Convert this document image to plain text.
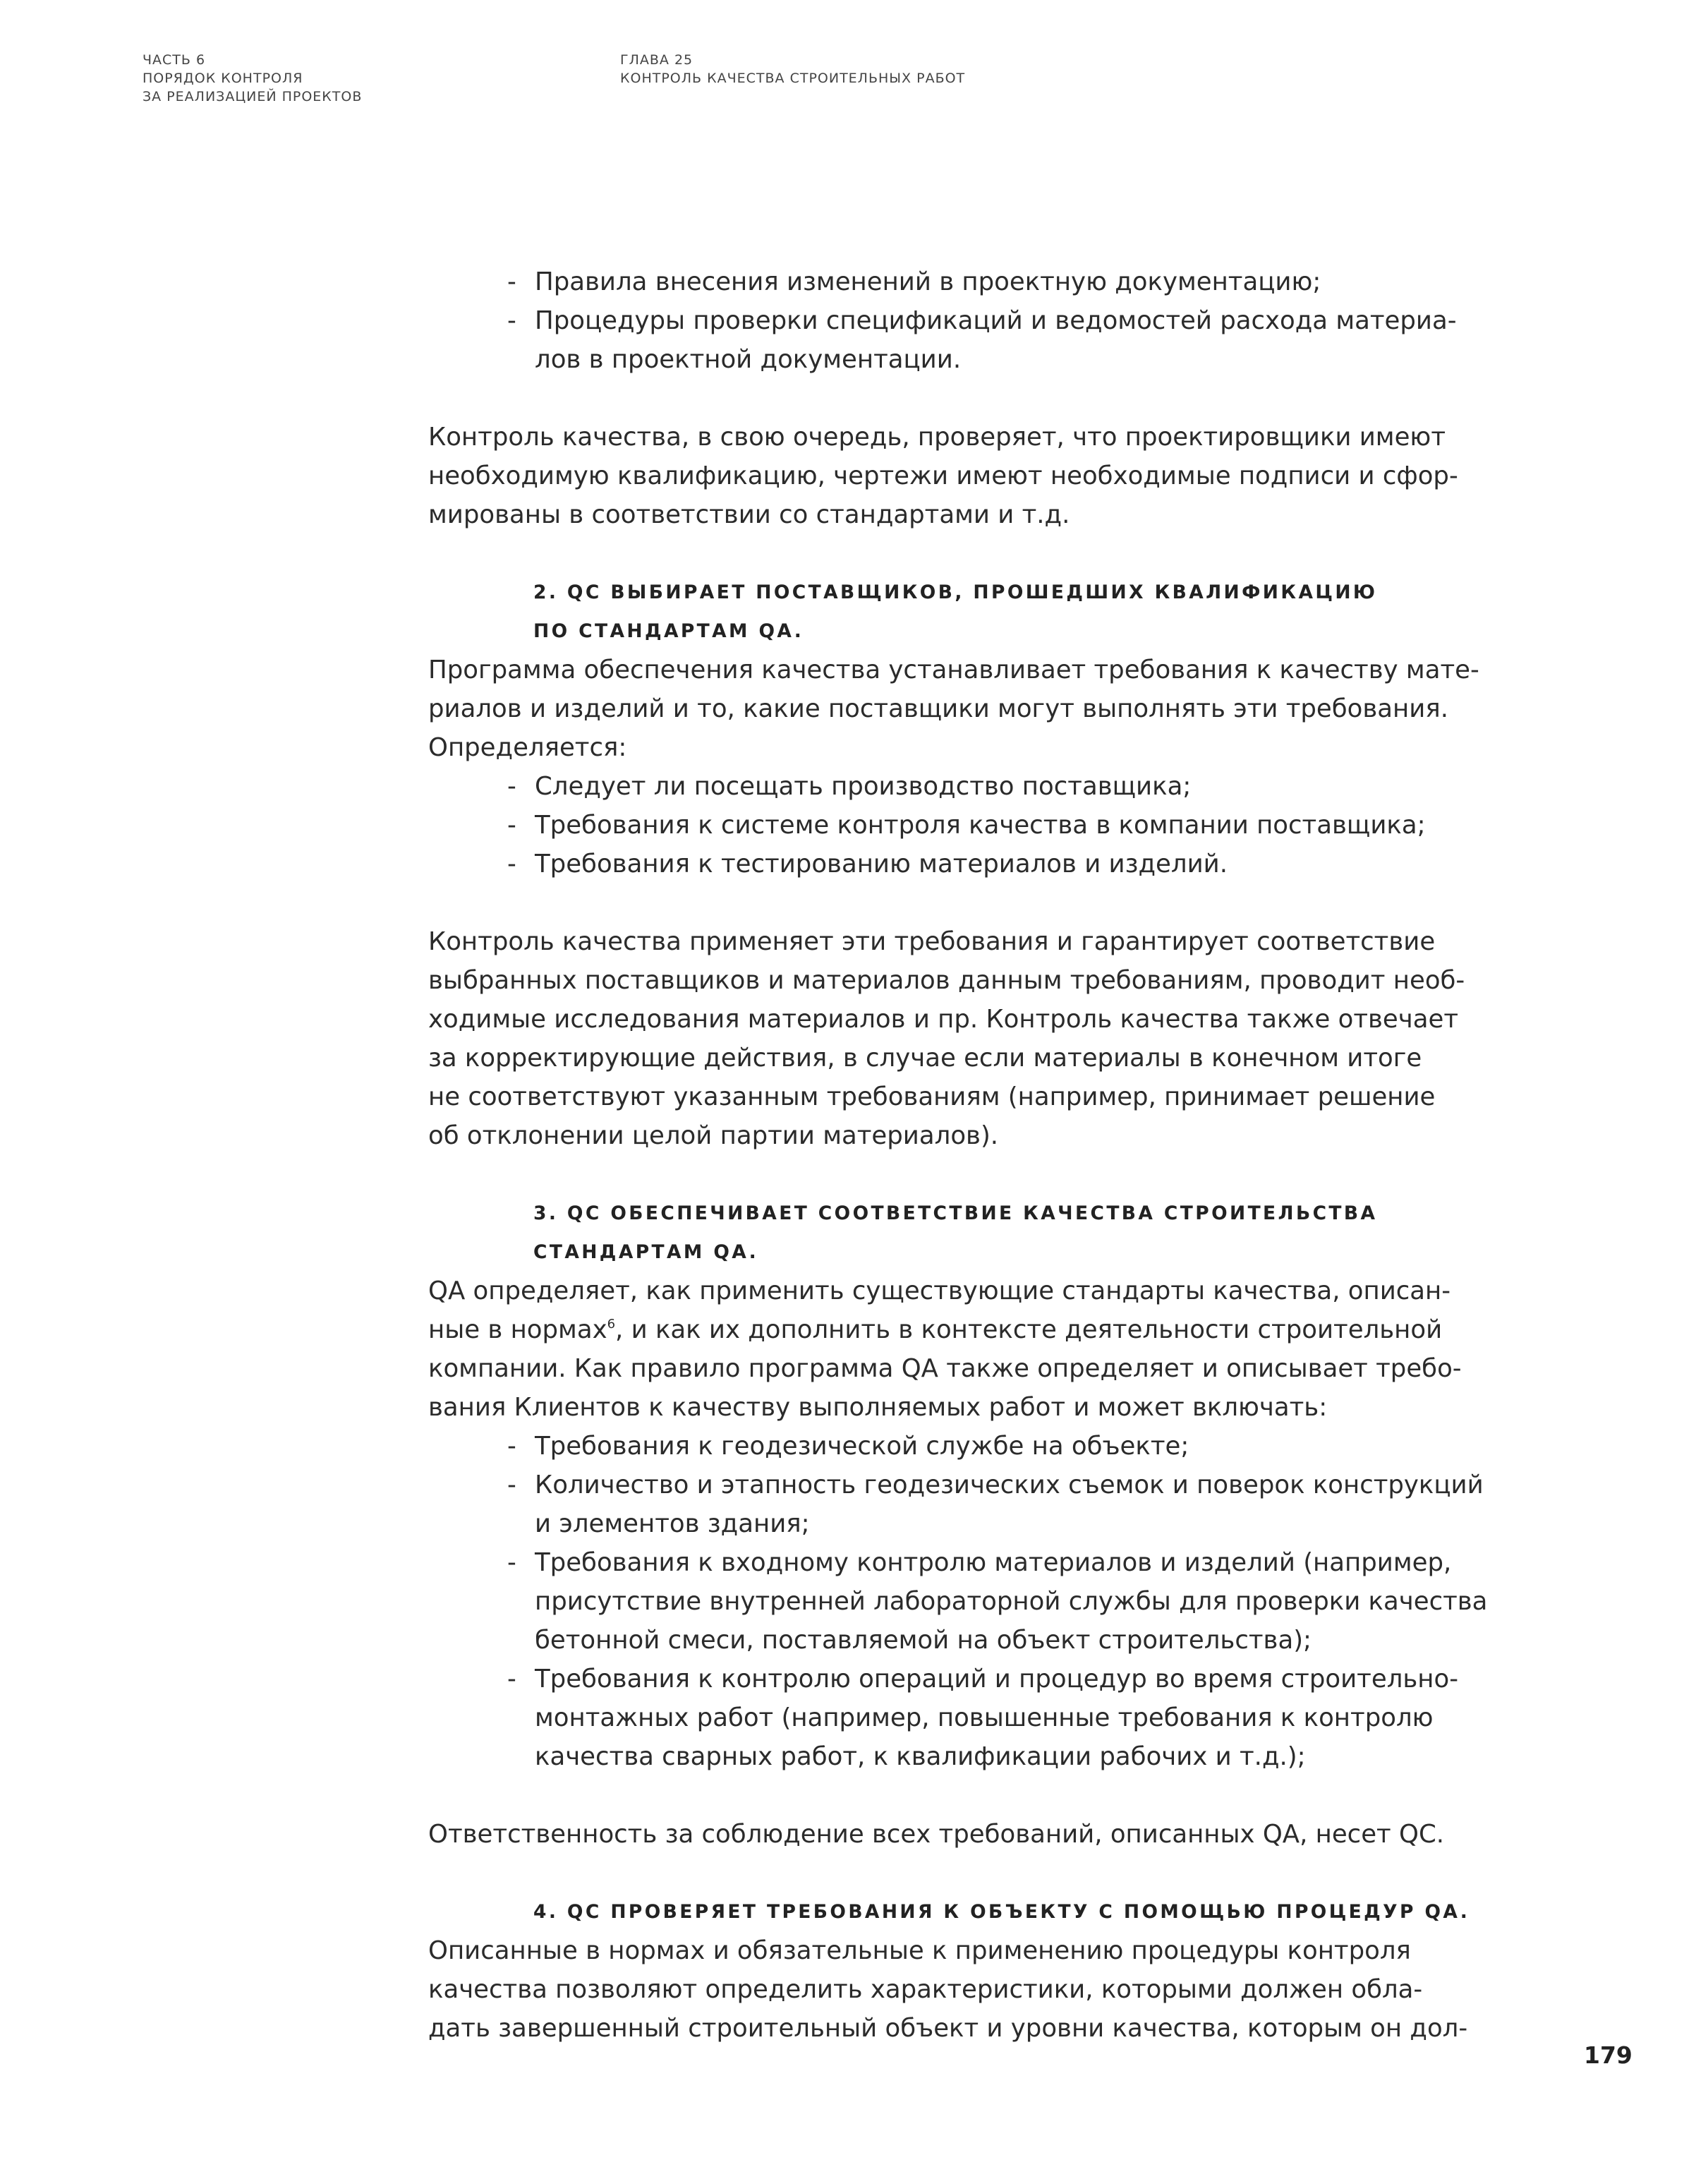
ЧАСТЬ 6
ПОРЯДОК КОНТРОЛЯ
ЗА РЕАЛИЗАЦИЕЙ ПРОЕКТОВ
ГЛАВА 25
КОНТРОЛЬ КАЧЕСТВА СТРОИТЕЛЬНЫХ РАБОТ
- Правила внесения изменений в проектную документацию;
- Процедуры проверки спецификаций и ведомостей расхода материа-
лов в проектной документации.

Контроль качества, в свою очередь, проверяет, что проектировщики имеют
необходимую квалификацию, чертежи имеют необходимые подписи и сфор-
мированы в соответствии со стандартами и т.д.

2. QC ВЫБИРАЕТ ПОСТАВЩИКОВ, ПРОШЕДШИХ КВАЛИФИКАЦИЮ
ПО СТАНДАРТАМ QA.

Программа обеспечения качества устанавливает требования к качеству мате-
риалов и изделий и то, какие поставщики могут выполнять эти требования.
Определяется:

- Следует ли посещать производство поставщика;
- Требования к системе контроля качества в компании поставщика;
- Требования к тестированию материалов и изделий.

Контроль качества применяет эти требования и гарантирует соответствие
выбранных поставщиков и материалов данным требованиям, проводит необ-
ходимые исследования материалов и пр. Контроль качества также отвечает
за корректирующие действия, в случае если материалы в конечном итоге
не соответствуют указанным требованиям (например, принимает решение
об отклонении целой партии материалов).

3. QC ОБЕСПЕЧИВАЕТ СООТВЕТСТВИЕ КАЧЕСТВА СТРОИТЕЛЬСТВА
СТАНДАРТАМ QA.

QA определяет, как применить существующие стандарты качества, описан-
ные в нормах$^6$, и как их дополнить в контексте деятельности строительной
компании. Как правило программа QA также определяет и описывает требо-
вания Клиентов к качеству выполняемых работ и может включать:

- Требования к геодезической службе на объекте;
- Количество и этапность геодезических съемок и поверок конструкций
и элементов здания;
- Требования к входному контролю материалов и изделий (например,
присутствие внутренней лабораторной службы для проверки качества
бетонной смеси, поставляемой на объект строительства);
- Требования к контролю операций и процедур во время строительно-
монтажных работ (например, повышенные требования к контролю
качества сварных работ, к квалификации рабочих и т.д.);

Ответственность за соблюдение всех требований, описанных QA, несет QC.

4. QC ПРОВЕРЯЕТ ТРЕБОВАНИЯ К ОБЪЕКТУ С ПОМОЩЬЮ ПРОЦЕДУР QA.

Описанные в нормах и обязательные к применению процедуры контроля
качества позволяют определить характеристики, которыми должен обла-
дать завершенный строительный объект и уровни качества, которым он дол-

179
